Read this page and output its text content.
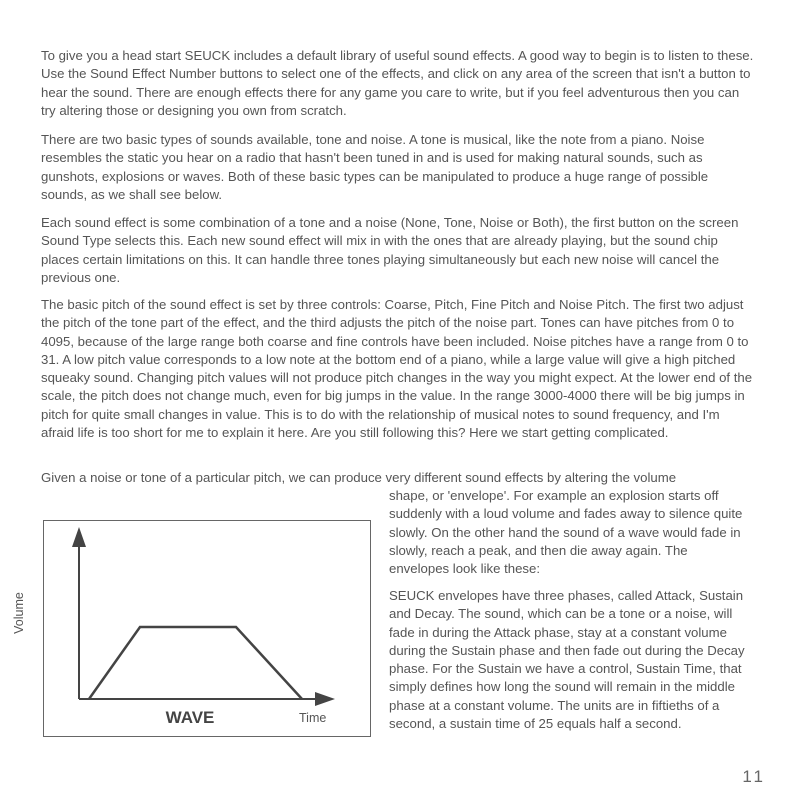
To give you a head start SEUCK includes a default library of useful sound effects. A good way to begin is to listen to these. Use the Sound Effect Number buttons to select one of the effects, and click on any area of the screen that isn't a button to hear the sound. There are enough effects there for any game you care to write, but if you feel adventurous then you can try altering those or designing you own from scratch.

There are two basic types of sounds available, tone and noise. A tone is musical, like the note from a piano. Noise resembles the static you hear on a radio that hasn't been tuned in and is used for making natural sounds, such as gunshots, explosions or waves. Both of these basic types can be manipulated to produce a huge range of possible sounds, as we shall see below.

Each sound effect is some combination of a tone and a noise (None, Tone, Noise or Both), the first button on the screen Sound Type selects this. Each new sound effect will mix in with the ones that are already playing, but the sound chip places certain limitations on this. It can handle three tones playing simultaneously but each new noise will cancel the previous one.

The basic pitch of the sound effect is set by three controls: Coarse, Pitch, Fine Pitch and Noise Pitch. The first two adjust the pitch of the tone part of the effect, and the third adjusts the pitch of the noise part. Tones can have pitches from 0 to 4095, because of the large range both coarse and fine controls have been included. Noise pitches have a range from 0 to 31. A low pitch value corresponds to a low note at the bottom end of a piano, while a large value will give a high pitched squeaky sound. Changing pitch values will not produce pitch changes in the way you might expect. At the lower end of the scale, the pitch does not change much, even for big jumps in the value. In the range 3000-4000 there will be big jumps in pitch for quite small changes in value. This is to do with the relationship of musical notes to sound frequency, and I'm afraid life is too short for me to explain it here. Are you still following this? Here we start getting complicated.

Given a noise or tone of a particular pitch, we can produce very different sound effects by altering the volume

shape, or 'envelope'. For example an explosion starts off suddenly with a loud volume and fades away to silence quite slowly. On the other hand the sound of a wave would fade in slowly, reach a peak, and then die away again. The envelopes look like these:

SEUCK envelopes have three phases, called Attack, Sustain and Decay. The sound, which can be a tone or a noise, will fade in during the Attack phase, stay at a constant volume during the Sustain phase and then fade out during the Decay phase. For the Sustain we have a control, Sustain Time, that simply defines how long the sound will remain in the middle phase at a constant volume. The units are in fiftieths of a second, a sustain time of 25 equals half a second.

Volume
WAVE	Time
11
